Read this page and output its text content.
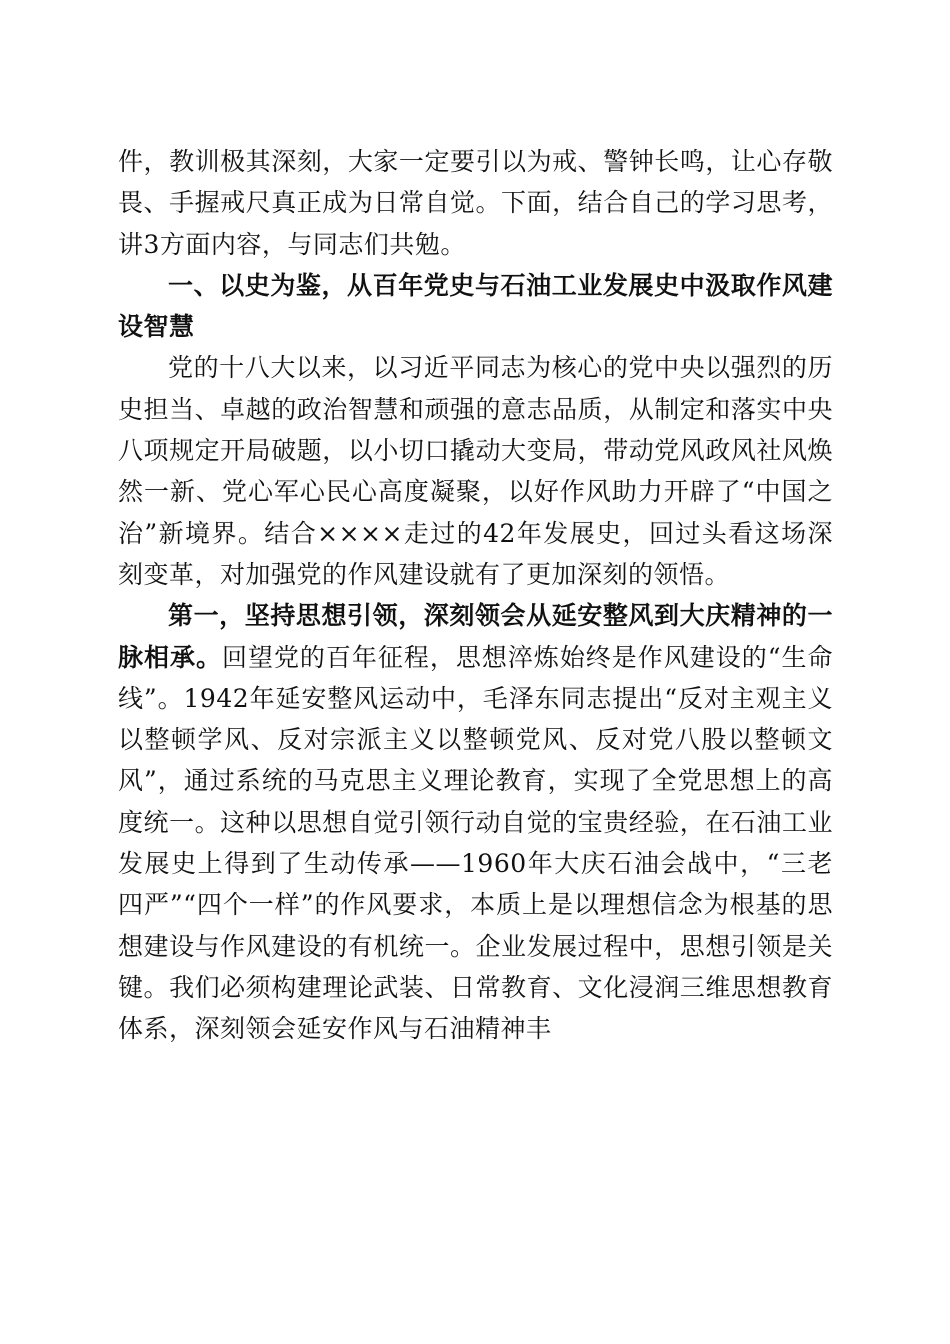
件，教训极其深刻，大家一定要引以为戒、警钟长鸣，让心存敬畏、手握戒尺真正成为日常自觉。下面，结合自己的学习思考，讲3方面内容，与同志们共勉。

一、以史为鉴，从百年党史与石油工业发展史中汲取作风建设智慧

党的十八大以来，以习近平同志为核心的党中央以强烈的历史担当、卓越的政治智慧和顽强的意志品质，从制定和落实中央八项规定开局破题，以小切口撬动大变局，带动党风政风社风焕然一新、党心军心民心高度凝聚，以好作风助力开辟了“中国之治”新境界。结合××××走过的42年发展史，回过头看这场深刻变革，对加强党的作风建设就有了更加深刻的领悟。

第一，坚持思想引领，深刻领会从延安整风到大庆精神的一脉相承。回望党的百年征程，思想淬炼始终是作风建设的“生命线”。1942年延安整风运动中，毛泽东同志提出“反对主观主义以整顿学风、反对宗派主义以整顿党风、反对党八股以整顿文风”，通过系统的马克思主义理论教育，实现了全党思想上的高度统一。这种以思想自觉引领行动自觉的宝贵经验，在石油工业发展史上得到了生动传承——1960年大庆石油会战中，“三老四严”“四个一样”的作风要求，本质上是以理想信念为根基的思想建设与作风建设的有机统一。企业发展过程中，思想引领是关键。我们必须构建理论武装、日常教育、文化浸润三维思想教育体系，深刻领会延安作风与石油精神丰
